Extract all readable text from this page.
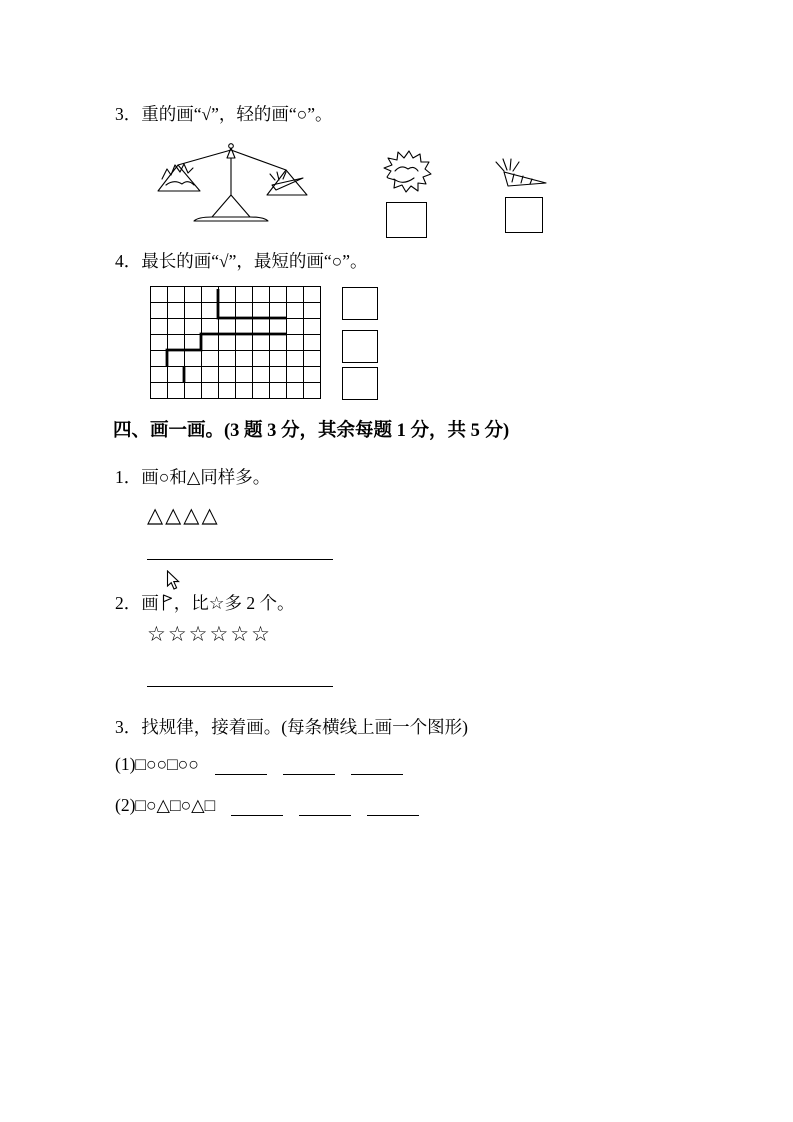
3．重的画“√”，轻的画“○”。
4．最长的画“√”，最短的画“○”。
四、画一画。(3 题 3 分，其余每题 1 分，共 5 分)
1．画○和△同样多。
△△△△
2．画 ，比☆多 2 个。
☆☆☆☆☆☆
3．找规律，接着画。(每条横线上画一个图形)
(1)□○○□○○
(2)□○△□○△□
